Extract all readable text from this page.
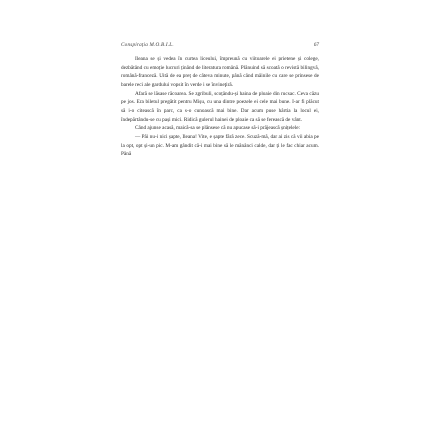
Conspirația M.O.B.I.L.	67

Ileana se și vedea în curtea liceului, împreună cu viitoarele ei prietene și colege, dezbătând cu emoție lucruri ținând de literatura română. Plănuind să scoată o revistă bilingvă, română-franceză. Uită de ea preț de câteva minute, până când mâinile cu care se prinsese de barele reci ale gardului vopsit în verde i se învineţiră.

Afară se lăsase răcoarea. Se zgribuli, scoțându-și haina de ploaie din rucsac. Ceva căzu pe jos. Era biletul pregătit pentru Mișu, cu una dintre poezele ei cele mai bune. I-ar fi plăcut să i-o citească în parc, ca s-o cunoască mai bine. Dar acum puse hârtia la locul ei, îndepărtându-se cu pași mici. Ridică gulerul hainei de ploaie ca să se ferească de vânt.

Când ajunse acasă, maică-sa se plânsese că nu apucase să-i prăjească șnițelele:

— Păi nu-i nici șapte, Ileana! Vite, e șapte fără zece. Scuză-mă, dar ai zis că vii abia pe la opt, opt și-un pic. M-am gândit că-i mai bine să le mănânci calde, dar ți le fac chiar acum. Până
